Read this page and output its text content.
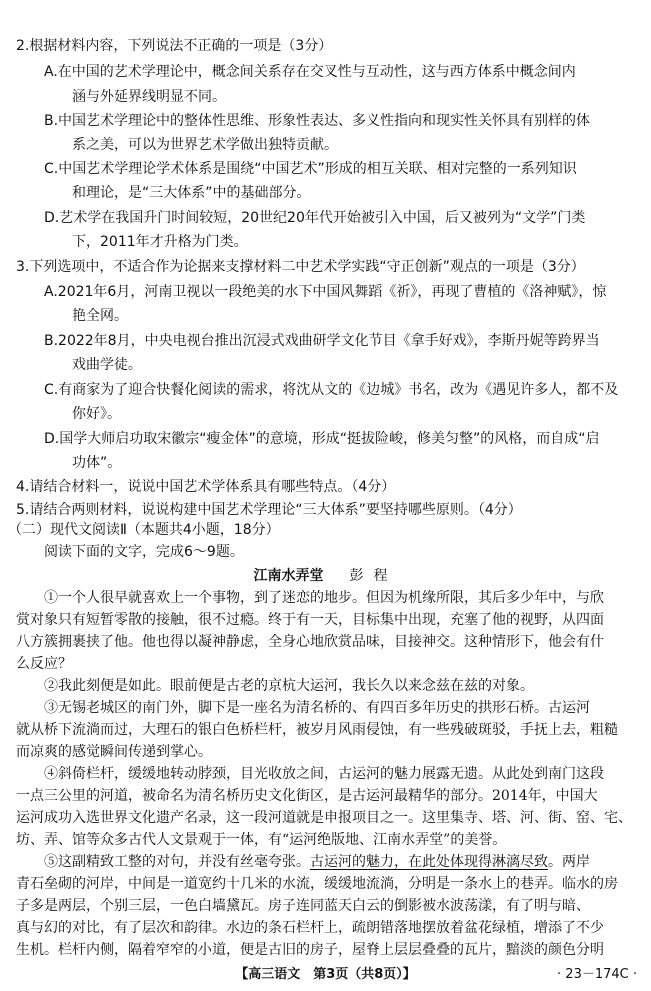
2.根据材料内容，下列说法不正确的一项是（3分）
A.在中国的艺术学理论中，概念间关系存在交叉性与互动性，这与西方体系中概念间内
涵与外延界线明显不同。
B.中国艺术学理论中的整体性思维、形象性表达、多义性指向和现实性关怀具有别样的体
系之美，可以为世界艺术学做出独特贡献。
C.中国艺术学理论学术体系是围绕“中国艺术”形成的相互关联、相对完整的一系列知识
和理论，是“三大体系”中的基础部分。
D.艺术学在我国升门时间较短，20世纪20年代开始被引入中国，后又被列为“文学”门类
下，2011年才升格为门类。
3.下列选项中，不适合作为论据来支撑材料二中艺术学实践“守正创新”观点的一项是（3分）
A.2021年6月，河南卫视以一段绝美的水下中国风舞蹈《祈》，再现了曹植的《洛神赋》，惊
艳全网。
B.2022年8月，中央电视台推出沉浸式戏曲研学文化节目《拿手好戏》，李斯丹妮等跨界当
戏曲学徒。
C.有商家为了迎合快餐化阅读的需求，将沈从文的《边城》书名，改为《遇见许多人，都不及
你好》。
D.国学大师启功取宋徽宗“瘦金体”的意境，形成“挺拔险峻，修美匀整”的风格，而自成“启
功体”。
4.请结合材料一，说说中国艺术学体系具有哪些特点。（4分）
5.请结合两则材料，说说构建中国艺术学理论“三大体系”要坚持哪些原则。（4分）
（二）现代文阅读Ⅱ（本题共4小题，18分）
阅读下面的文字，完成6～9题。
江南水弄堂 彭程
①一个人很早就喜欢上一个事物，到了迷恋的地步。但因为机缘所限，其后多少年中，与欣
赏对象只有短暂零散的接触，很不过瘾。终于有一天，目标集中出现，充塞了他的视野，从四面
八方簇拥裹挟了他。他也得以凝神静虑，全身心地欣赏品味，目接神交。这种情形下，他会有什
么反应？
②我此刻便是如此。眼前便是古老的京杭大运河，我长久以来念兹在兹的对象。
③无锡老城区的南门外，脚下是一座名为清名桥的、有四百多年历史的拱形石桥。古运河
就从桥下流淌而过，大理石的银白色桥栏杆，被岁月风雨侵蚀，有一些残破斑驳，手抚上去，粗糙
而凉爽的感觉瞬间传递到掌心。
④斜倚栏杆，缓缓地转动脖颈，目光收放之间，古运河的魅力展露无遗。从此处到南门这段
一点三公里的河道，被命名为清名桥历史文化街区，是古运河最精华的部分。2014年，中国大
运河成功入选世界文化遗产名录，这一段河道就是申报项目之一。这里集寺、塔、河、街、窑、宅、
坊、弄、馆等众多古代人文景观于一体，有“运河绝版地、江南水弄堂”的美誉。
⑤这副精致工整的对句，并没有丝毫夸张。古运河的魅力，在此处体现得淋漓尽致。两岸
青石垒砌的河岸，中间是一道宽约十几米的水流，缓缓地流淌，分明是一条水上的巷弄。临水的房
子多是两层，个别三层，一色白墙黛瓦。房子连同蓝天白云的倒影被水波荡漾，有了明与暗、
【高三语文　第3页（共8页）】	· 23－174C ·
真与幻的对比，有了层次和韵律。水边的条石栏杆上，疏朗错落地摆放着盆花绿植，增添了不少
生机。栏杆内侧，隔着窄窄的小道，便是古旧的房子，屋脊上层层叠叠的瓦片，黯淡的颜色分明
